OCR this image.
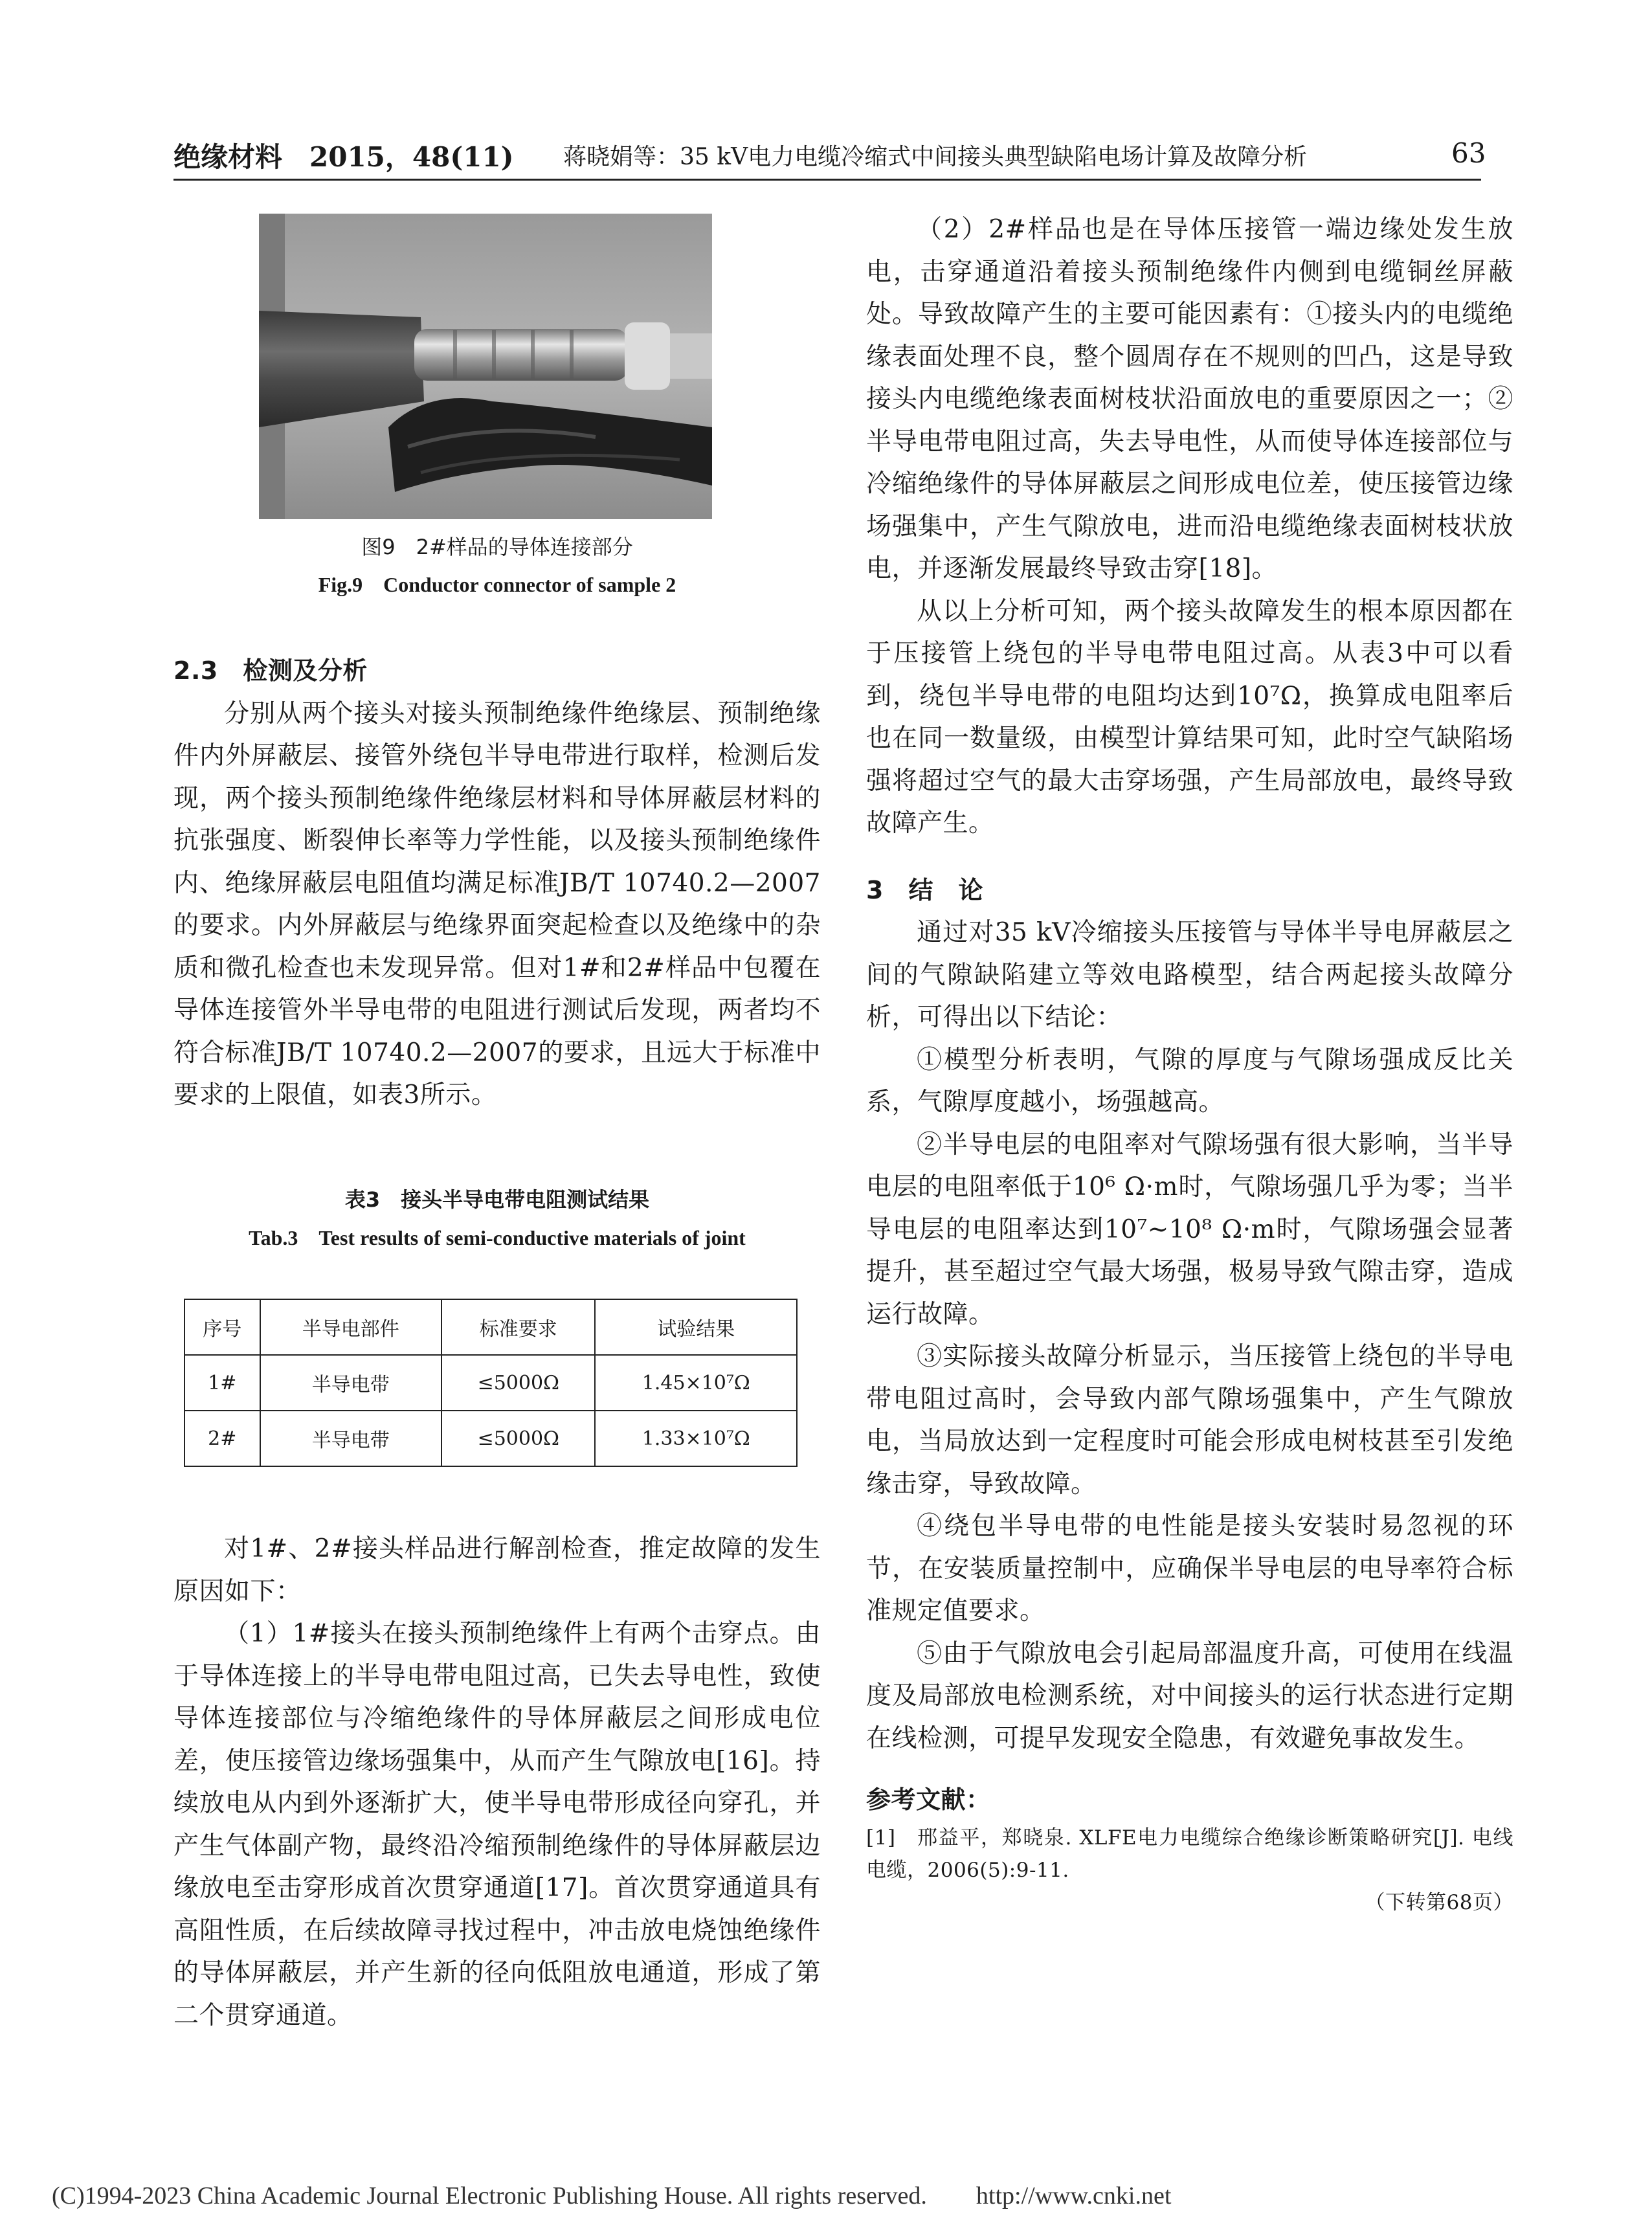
绝缘材料　2015，48(11) 蒋晓娟等：35 kV电力电缆冷缩式中间接头典型缺陷电场计算及故障分析	63
图9　2#样品的导体连接部分
Fig.9　Conductor connector of sample 2
2.3　检测及分析

分别从两个接头对接头预制绝缘件绝缘层、预制绝缘件内外屏蔽层、接管外绕包半导电带进行取样，检测后发现，两个接头预制绝缘件绝缘层材料和导体屏蔽层材料的抗张强度、断裂伸长率等力学性能，以及接头预制绝缘件内、绝缘屏蔽层电阻值均满足标准JB/T 10740.2—2007的要求。内外屏蔽层与绝缘界面突起检查以及绝缘中的杂质和微孔检查也未发现异常。但对1#和2#样品中包覆在导体连接管外半导电带的电阻进行测试后发现，两者均不符合标准JB/T 10740.2—2007的要求，且远大于标准中要求的上限值，如表3所示。

表3　接头半导电带电阻测试结果
Tab.3　Test results of semi-conductive materials of joint
序号	半导电部件	标准要求	试验结果
1#	半导电带	≤5000Ω	1.45×10⁷Ω
2#	半导电带	≤5000Ω	1.33×10⁷Ω

对1#、2#接头样品进行解剖检查，推定故障的发生原因如下：

（1）1#接头在接头预制绝缘件上有两个击穿点。由于导体连接上的半导电带电阻过高，已失去导电性，致使导体连接部位与冷缩绝缘件的导体屏蔽层之间形成电位差，使压接管边缘场强集中，从而产生气隙放电[16]。持续放电从内到外逐渐扩大，使半导电带形成径向穿孔，并产生气体副产物，最终沿冷缩预制绝缘件的导体屏蔽层边缘放电至击穿形成首次贯穿通道[17]。首次贯穿通道具有高阻性质，在后续故障寻找过程中，冲击放电烧蚀绝缘件的导体屏蔽层，并产生新的径向低阻放电通道，形成了第二个贯穿通道。

（2）2#样品也是在导体压接管一端边缘处发生放电，击穿通道沿着接头预制绝缘件内侧到电缆铜丝屏蔽处。导致故障产生的主要可能因素有：①接头内的电缆绝缘表面处理不良，整个圆周存在不规则的凹凸，这是导致接头内电缆绝缘表面树枝状沿面放电的重要原因之一；②半导电带电阻过高，失去导电性，从而使导体连接部位与冷缩绝缘件的导体屏蔽层之间形成电位差，使压接管边缘场强集中，产生气隙放电，进而沿电缆绝缘表面树枝状放电，并逐渐发展最终导致击穿[18]。

从以上分析可知，两个接头故障发生的根本原因都在于压接管上绕包的半导电带电阻过高。从表3中可以看到，绕包半导电带的电阻均达到10⁷Ω，换算成电阻率后也在同一数量级，由模型计算结果可知，此时空气缺陷场强将超过空气的最大击穿场强，产生局部放电，最终导致故障产生。

3　结　论

通过对35 kV冷缩接头压接管与导体半导电屏蔽层之间的气隙缺陷建立等效电路模型，结合两起接头故障分析，可得出以下结论：

①模型分析表明，气隙的厚度与气隙场强成反比关系，气隙厚度越小，场强越高。

②半导电层的电阻率对气隙场强有很大影响，当半导电层的电阻率低于10⁶ Ω·m时，气隙场强几乎为零；当半导电层的电阻率达到10⁷~10⁸ Ω·m时，气隙场强会显著提升，甚至超过空气最大场强，极易导致气隙击穿，造成运行故障。

③实际接头故障分析显示，当压接管上绕包的半导电带电阻过高时，会导致内部气隙场强集中，产生气隙放电，当局放达到一定程度时可能会形成电树枝甚至引发绝缘击穿，导致故障。

④绕包半导电带的电性能是接头安装时易忽视的环节，在安装质量控制中，应确保半导电层的电导率符合标准规定值要求。

⑤由于气隙放电会引起局部温度升高，可使用在线温度及局部放电检测系统，对中间接头的运行状态进行定期在线检测，可提早发现安全隐患，有效避免事故发生。

参考文献：
[1]　邢益平，郑晓泉. XLFE电力电缆综合绝缘诊断策略研究[J]. 电线电缆，2006(5):9-11.
（下转第68页）
(C)1994-2023 China Academic Journal Electronic Publishing House. All rights reserved.　　http://www.cnki.net
